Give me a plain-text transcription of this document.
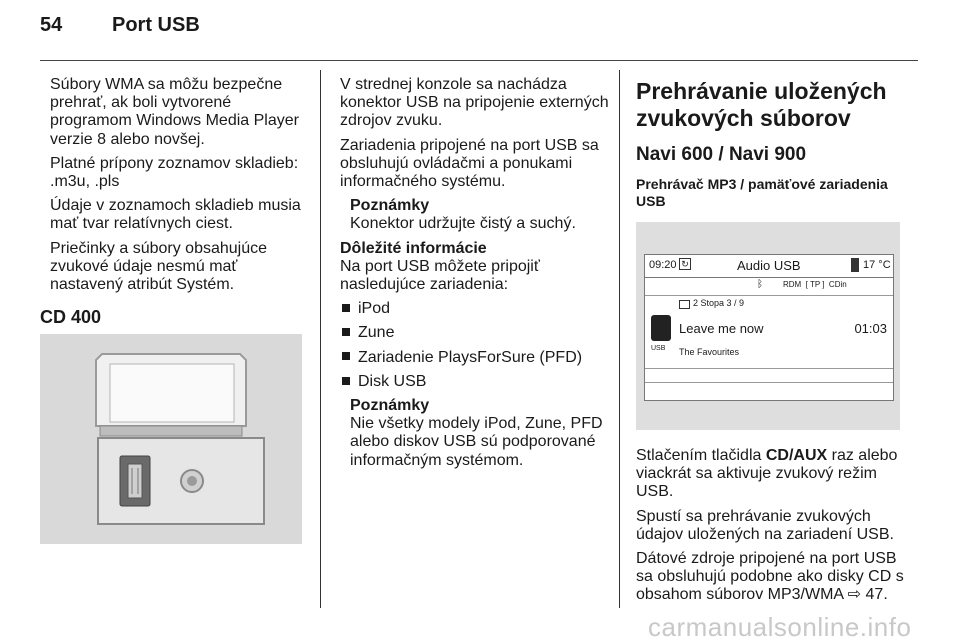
54 Port USB

Súbory WMA sa môžu bezpečne prehrať, ak boli vytvorené programom Windows Media Player verzie 8 alebo novšej.

Platné prípony zoznamov skladieb: .m3u, .pls

Údaje v zoznamoch skladieb musia mať tvar relatívnych ciest.

Priečinky a súbory obsahujúce zvukové údaje nesmú mať nastavený atribút Systém.

CD 400

V strednej konzole sa nachádza konektor USB na pripojenie externých zdrojov zvuku.

Zariadenia pripojené na port USB sa obsluhujú ovládačmi a ponukami informačného systému.

Poznámky
Konektor udržujte čistý a suchý.
Dôležité informácie

Na port USB môžete pripojiť nasledujúce zariadenia:

iPod
Zune
Zariadenie PlaysForSure (PFD)
Disk USB
Poznámky
Nie všetky modely iPod, Zune, PFD alebo diskov USB sú podporované informačným systémom.
Prehrávanie uložených zvukových súborov
Navi 600 / Navi 900
Prehrávač MP3 / pamäťové zariadenia USB
09:20 ↻	Audio USB	17 °C
ᛒ	RDM  [ TP ]  CDin
USB
2 Stopa 3 / 9
Leave me now	01:03
The Favourites

Stlačením tlačidla CD/AUX raz alebo viackrát sa aktivuje zvukový režim USB.

Spustí sa prehrávanie zvukových údajov uložených na zariadení USB.

Dátové zdroje pripojené na port USB sa obsluhujú podobne ako disky CD s obsahom súborov MP3/WMA ⇨ 47.

carmanualsonline.info
